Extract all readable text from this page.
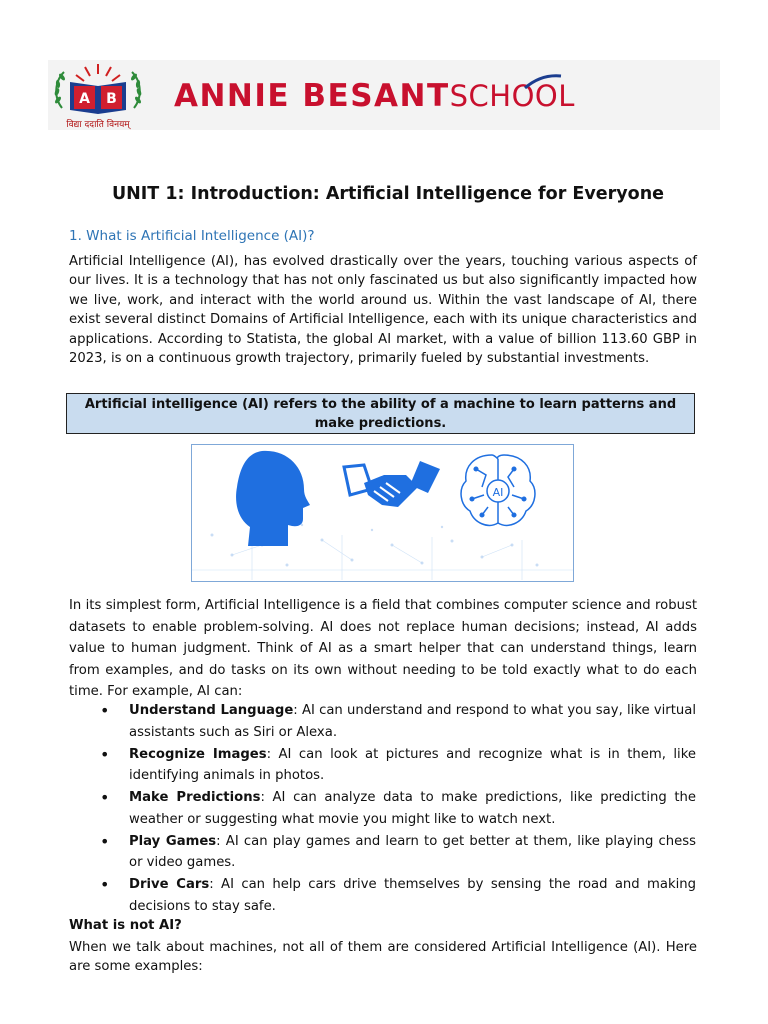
A B
विद्या ददाति विनयम्
ANNIE BESANTSCHOOL
UNIT 1: Introduction: Artificial Intelligence for Everyone
1. What is Artificial Intelligence (AI)?

Artificial Intelligence (AI), has evolved drastically over the years, touching various aspects of our lives. It is a technology that has not only fascinated us but also significantly impacted how we live, work, and interact with the world around us. Within the vast landscape of AI, there exist several distinct Domains of Artificial Intelligence, each with its unique characteristics and applications. According to Statista, the global AI market, with a value of billion 113.60 GBP in 2023, is on a continuous growth trajectory, primarily fueled by substantial investments.

Artificial intelligence (AI) refers to the ability of a machine to learn patterns and make predictions.
AI

In its simplest form, Artificial Intelligence is a field that combines computer science and robust datasets to enable problem-solving. AI does not replace human decisions; instead, AI adds value to human judgment. Think of AI as a smart helper that can understand things, learn from examples, and do tasks on its own without needing to be told exactly what to do each time. For example, AI can:

• Understand Language: AI can understand and respond to what you say, like virtual assistants such as Siri or Alexa.
• Recognize Images: AI can look at pictures and recognize what is in them, like identifying animals in photos.
• Make Predictions: AI can analyze data to make predictions, like predicting the weather or suggesting what movie you might like to watch next.
• Play Games: AI can play games and learn to get better at them, like playing chess or video games.
• Drive Cars: AI can help cars drive themselves by sensing the road and making decisions to stay safe.
What is not AI?

When we talk about machines, not all of them are considered Artificial Intelligence (AI). Here are some examples:
